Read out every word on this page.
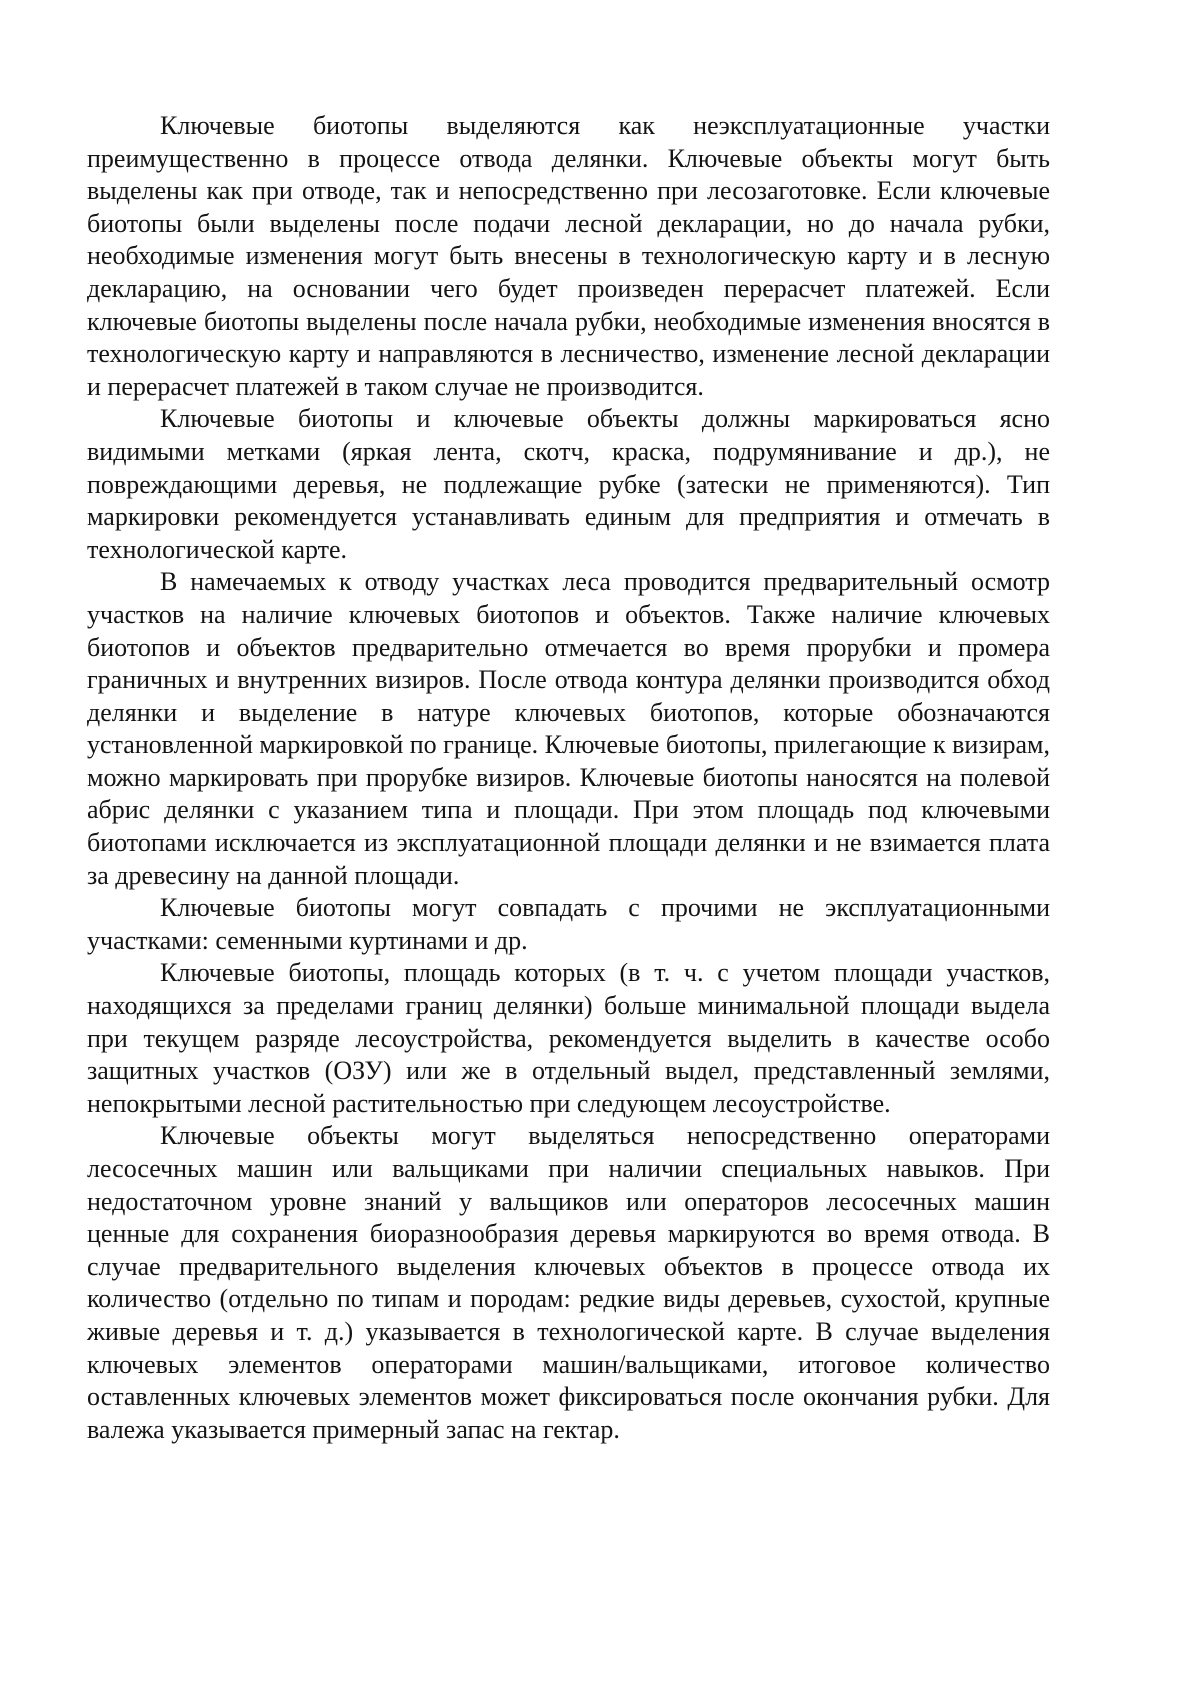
Ключевые биотопы выделяются как неэксплуатационные участки преимущественно в процессе отвода делянки. Ключевые объекты могут быть выделены как при отводе, так и непосредственно при лесозаготовке. Если ключевые биотопы были выделены после подачи лесной декларации, но до начала рубки, необходимые изменения могут быть внесены в технологическую карту и в лесную декларацию, на основании чего будет произведен перерасчет платежей. Если ключевые биотопы выделены после начала рубки, необходимые изменения вносятся в технологическую карту и направляются в лесничество, изменение лесной декларации и перерасчет платежей в таком случае не производится.

Ключевые биотопы и ключевые объекты должны маркироваться ясно видимыми метками (яркая лента, скотч, краска, подрумянивание и др.), не повреждающими деревья, не подлежащие рубке (затески не применяются). Тип маркировки рекомендуется устанавливать единым для предприятия и отмечать в технологической карте.

В намечаемых к отводу участках леса проводится предварительный осмотр участков на наличие ключевых биотопов и объектов. Также наличие ключевых биотопов и объектов предварительно отмечается во время прорубки и промера граничных и внутренних визиров. После отвода контура делянки производится обход делянки и выделение в натуре ключевых биотопов, которые обозначаются установленной маркировкой по границе. Ключевые биотопы, прилегающие к визирам, можно маркировать при прорубке визиров. Ключевые биотопы наносятся на полевой абрис делянки с указанием типа и площади. При этом площадь под ключевыми биотопами исключается из эксплуатационной площади делянки и не взимается плата за древесину на данной площади.

Ключевые биотопы могут совпадать с прочими не эксплуатационными участками: семенными куртинами и др.

Ключевые биотопы, площадь которых (в т. ч. с учетом площади участков, находящихся за пределами границ делянки) больше минимальной площади выдела при текущем разряде лесоустройства, рекомендуется выделить в качестве особо защитных участков (ОЗУ) или же в отдельный выдел, представленный землями, непокрытыми лесной растительностью при следующем лесоустройстве.

Ключевые объекты могут выделяться непосредственно операторами лесосечных машин или вальщиками при наличии специальных навыков. При недостаточном уровне знаний у вальщиков или операторов лесосечных машин ценные для сохранения биоразнообразия деревья маркируются во время отвода. В случае предварительного выделения ключевых объектов в процессе отвода их количество (отдельно по типам и породам: редкие виды деревьев, сухостой, крупные живые деревья и т. д.) указывается в технологической карте. В случае выделения ключевых элементов операторами машин/вальщиками, итоговое количество оставленных ключевых элементов может фиксироваться после окончания рубки. Для валежа указывается примерный запас на гектар.
